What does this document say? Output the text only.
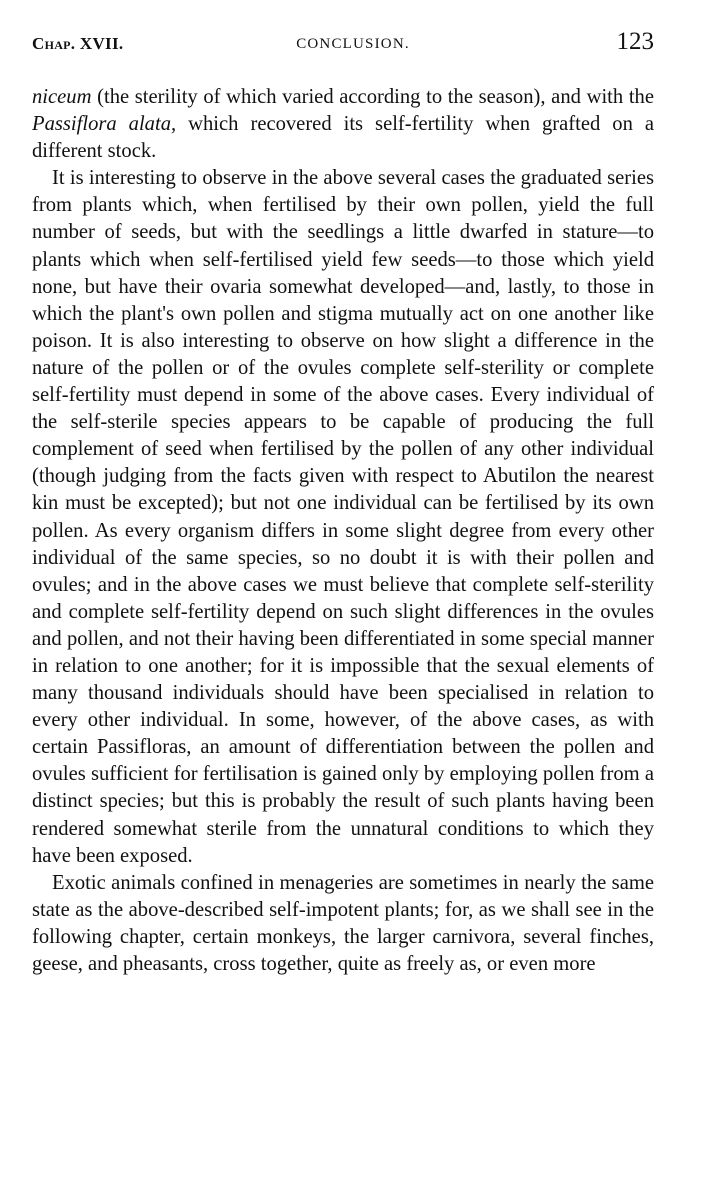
Chap. XVII.	CONCLUSION.	123

niceum (the sterility of which varied according to the season), and with the Passiflora alata, which recovered its self-fertility when grafted on a different stock.

It is interesting to observe in the above several cases the graduated series from plants which, when fertilised by their own pollen, yield the full number of seeds, but with the seedlings a little dwarfed in stature—to plants which when self-fertilised yield few seeds—to those which yield none, but have their ovaria somewhat developed—and, lastly, to those in which the plant's own pollen and stigma mutually act on one another like poison. It is also interesting to observe on how slight a difference in the nature of the pollen or of the ovules complete self-sterility or complete self-fertility must depend in some of the above cases. Every individual of the self-sterile species appears to be capable of producing the full complement of seed when fertilised by the pollen of any other individual (though judging from the facts given with respect to Abutilon the nearest kin must be excepted); but not one individual can be fertilised by its own pollen. As every organism differs in some slight degree from every other individual of the same species, so no doubt it is with their pollen and ovules; and in the above cases we must believe that complete self-sterility and complete self-fertility depend on such slight differences in the ovules and pollen, and not their having been differentiated in some special manner in relation to one another; for it is impossible that the sexual elements of many thousand individuals should have been specialised in relation to every other individual. In some, however, of the above cases, as with certain Passifloras, an amount of differentiation between the pollen and ovules sufficient for fertilisation is gained only by employing pollen from a distinct species; but this is probably the result of such plants having been rendered somewhat sterile from the unnatural conditions to which they have been exposed.

Exotic animals confined in menageries are sometimes in nearly the same state as the above-described self-impotent plants; for, as we shall see in the following chapter, certain monkeys, the larger carnivora, several finches, geese, and pheasants, cross together, quite as freely as, or even more
